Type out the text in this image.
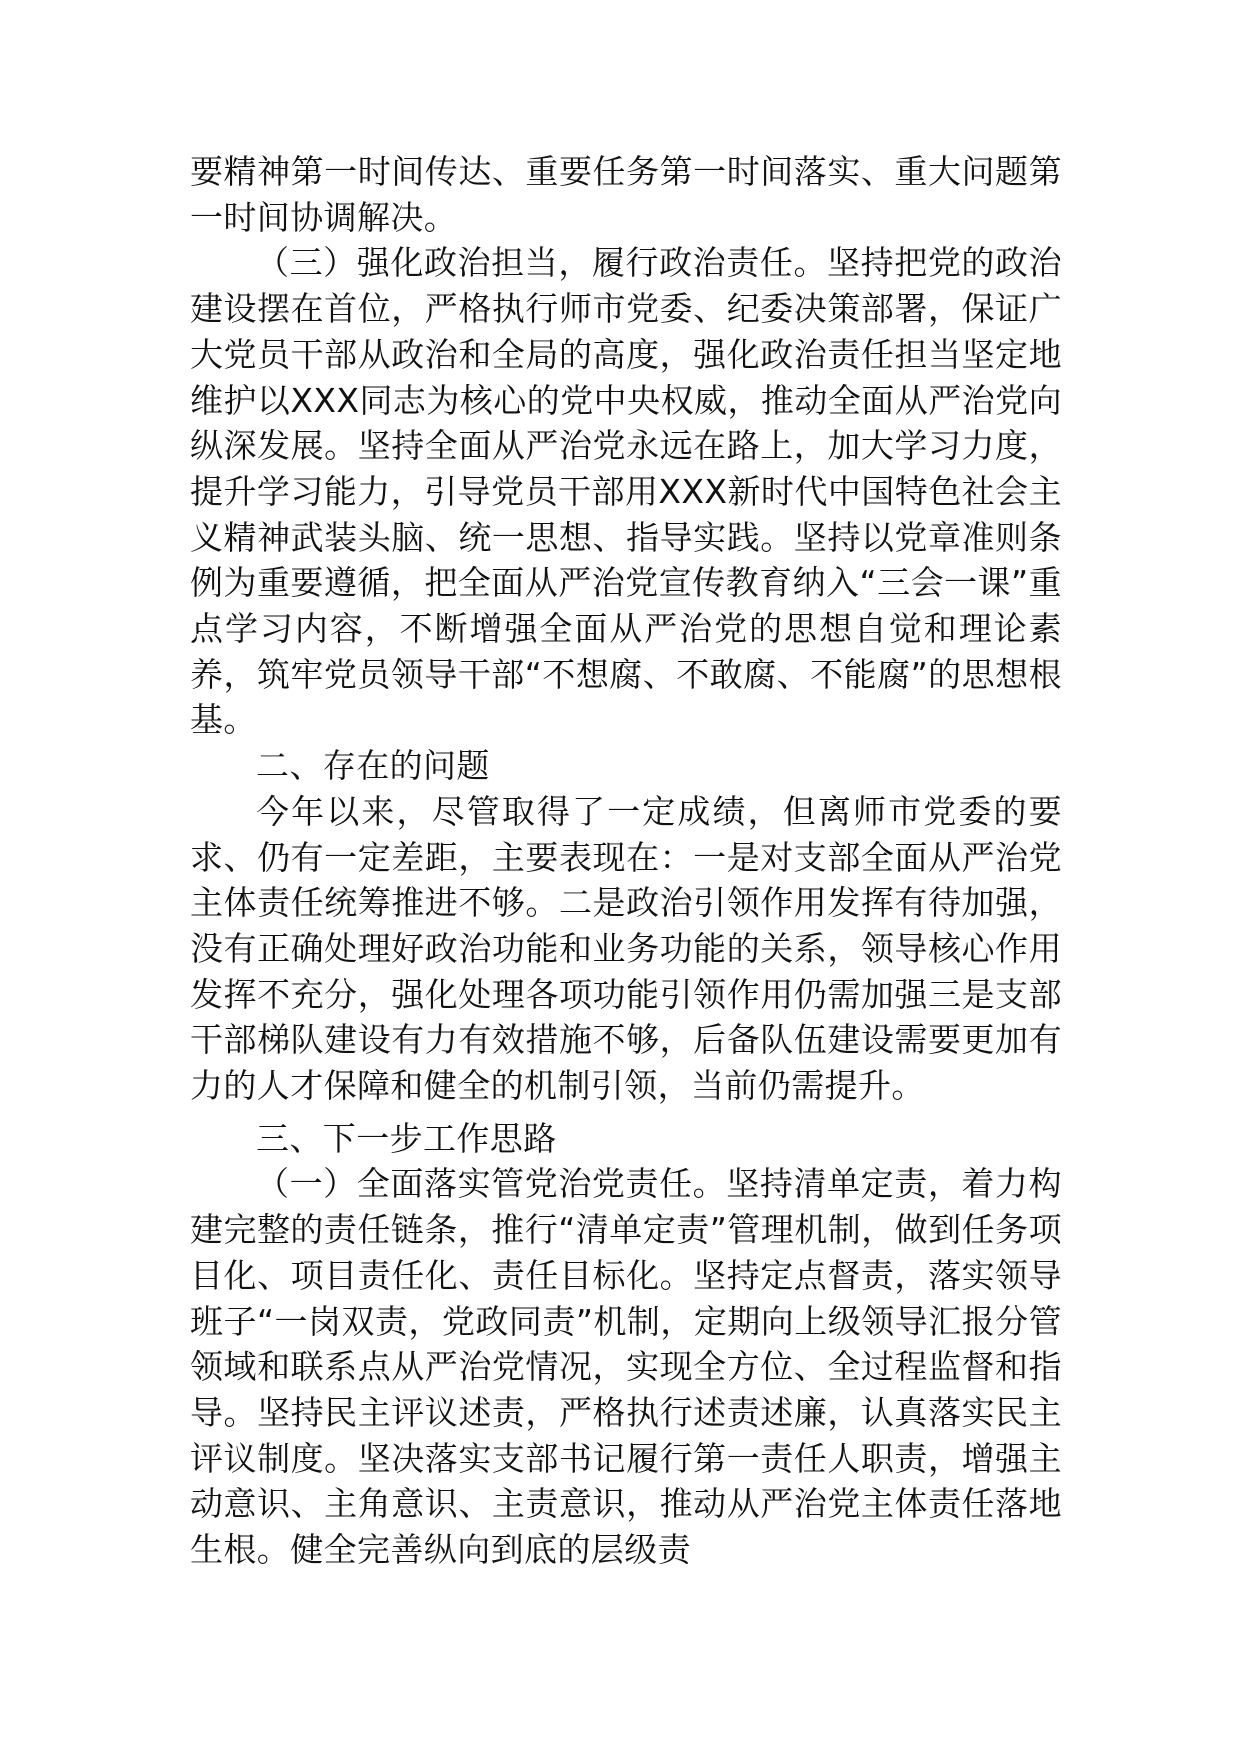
要精神第一时间传达、重要任务第一时间落实、重大问题第一时间协调解决。

（三）强化政治担当，履行政治责任。坚持把党的政治建设摆在首位，严格执行师市党委、纪委决策部署，保证广大党员干部从政治和全局的高度，强化政治责任担当坚定地维护以XXX同志为核心的党中央权威，推动全面从严治党向纵深发展。坚持全面从严治党永远在路上，加大学习力度，提升学习能力，引导党员干部用XXX新时代中国特色社会主义精神武装头脑、统一思想、指导实践。坚持以党章准则条例为重要遵循，把全面从严治党宣传教育纳入“三会一课”重点学习内容，不断增强全面从严治党的思想自觉和理论素养，筑牢党员领导干部“不想腐、不敢腐、不能腐”的思想根基。

二、存在的问题

今年以来，尽管取得了一定成绩，但离师市党委的要求、仍有一定差距，主要表现在：一是对支部全面从严治党主体责任统筹推进不够。二是政治引领作用发挥有待加强，没有正确处理好政治功能和业务功能的关系，领导核心作用发挥不充分，强化处理各项功能引领作用仍需加强三是支部干部梯队建设有力有效措施不够，后备队伍建设需要更加有力的人才保障和健全的机制引领，当前仍需提升。

三、下一步工作思路

（一）全面落实管党治党责任。坚持清单定责，着力构建完整的责任链条，推行“清单定责”管理机制，做到任务项目化、项目责任化、责任目标化。坚持定点督责，落实领导班子“一岗双责，党政同责”机制，定期向上级领导汇报分管领域和联系点从严治党情况，实现全方位、全过程监督和指导。坚持民主评议述责，严格执行述责述廉，认真落实民主评议制度。坚决落实支部书记履行第一责任人职责，增强主动意识、主角意识、主责意识，推动从严治党主体责任落地生根。健全完善纵向到底的层级责
